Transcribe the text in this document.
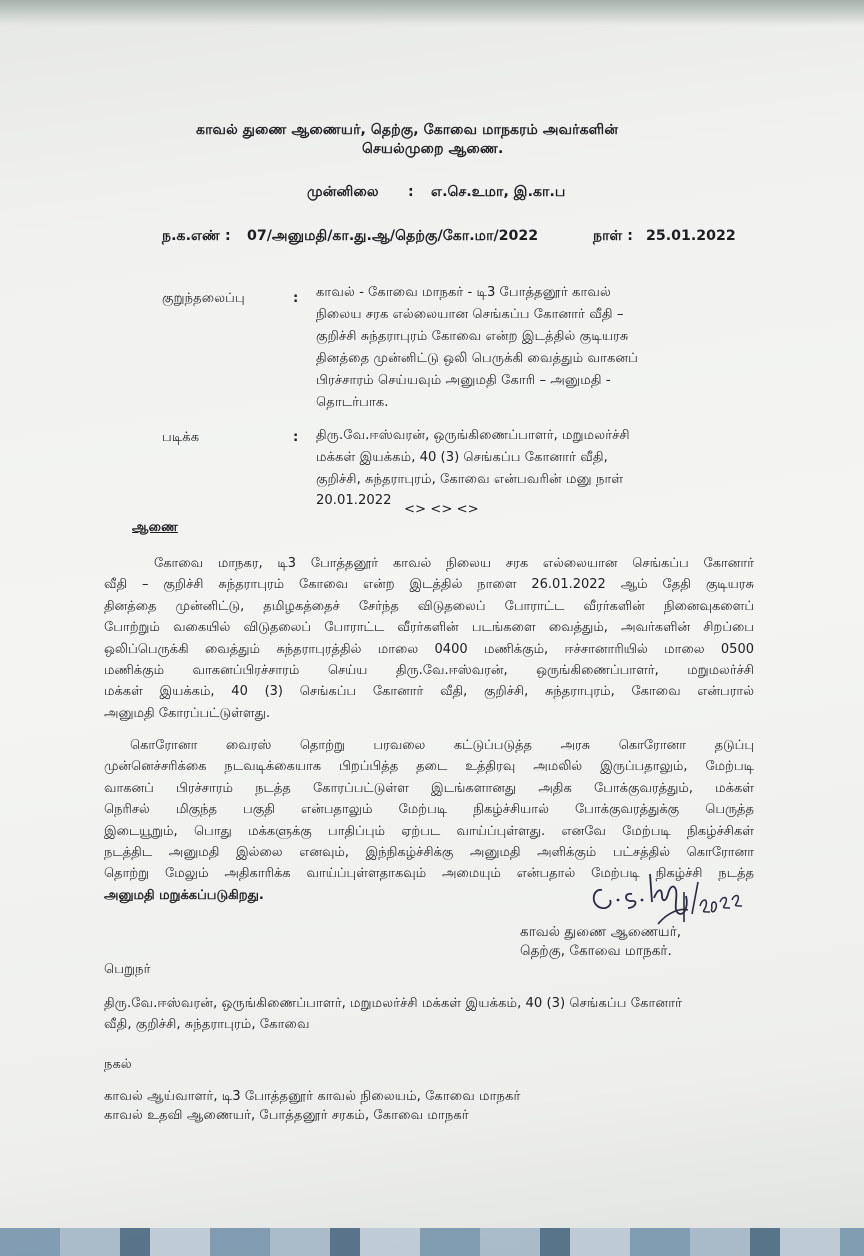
காவல் துணை ஆணையர், தெற்கு, கோவை மாநகரம் அவர்களின்
செயல்முறை ஆணை.
முன்னிலை : எ.செ.உமா, இ.கா.ப
ந.க.எண் : 07/அனுமதி/கா.து.ஆ/தெற்கு/கோ.மா/2022	நாள் : 25.01.2022
குறுந்தலைப்பு	: காவல் - கோவை மாநகர் - டி3 போத்தனூர் காவல்
நிலைய சரக எல்லையான செங்கப்ப கோனார் வீதி –
குறிச்சி சுந்தராபுரம் கோவை என்ற இடத்தில் குடியரசு
தினத்தை முன்னிட்டு ஒலி பெருக்கி வைத்தும் வாகனப்
பிரச்சாரம் செய்யவும் அனுமதி கோரி – அனுமதி -
தொடர்பாக.
படிக்க	: திரு.வே.ஈஸ்வரன், ஒருங்கிணைப்பாளர், மறுமலர்ச்சி
மக்கள் இயக்கம், 40 (3) செங்கப்ப கோனார் வீதி,
குறிச்சி, சுந்தராபுரம், கோவை என்பவரின் மனு நாள்
20.01.2022
<> <> <>
ஆணை
கோவை மாநகர, டி3 போத்தனூர் காவல் நிலைய சரக எல்லையான செங்கப்ப கோனார்
வீதி – குறிச்சி சுந்தராபுரம் கோவை என்ற இடத்தில் நாளை 26.01.2022 ஆம் தேதி குடியரசு
தினத்தை முன்னிட்டு, தமிழகத்தைச் சேர்ந்த விடுதலைப் போராட்ட வீரர்களின் நினைவுகளைப்
போற்றும் வகையில் விடுதலைப் போராட்ட வீரர்களின் படங்களை வைத்தும், அவர்களின் சிறப்பை
ஒலிப்பெருக்கி வைத்தும் சுந்தராபுரத்தில் மாலை 0400 மணிக்கும், ஈச்சானாரியில் மாலை 0500
மணிக்கும் வாகனப்பிரச்சாரம் செய்ய திரு.வே.ஈஸ்வரன், ஒருங்கிணைப்பாளர், மறுமலர்ச்சி
மக்கள் இயக்கம், 40 (3) செங்கப்ப கோனார் வீதி, குறிச்சி, சுந்தராபுரம், கோவை என்பரால்
அனுமதி கோரப்பட்டுள்ளது.
கொரோனா வைரஸ் தொற்று பரவலை கட்டுப்படுத்த அரசு கொரோனா தடுப்பு
முன்னெச்சரிக்கை நடவடிக்கையாக பிறப்பித்த தடை உத்திரவு அமலில் இருப்பதாலும், மேற்படி
வாகனப் பிரச்சாரம் நடத்த கோரப்பட்டுள்ள இடங்களானது அதிக போக்குவரத்தும், மக்கள்
நெரிசல் மிகுந்த பகுதி என்பதாலும் மேற்படி நிகழ்ச்சியால் போக்குவரத்துக்கு பெருத்த
இடையூறும், பொது மக்களுக்கு பாதிப்பும் ஏற்பட வாய்ப்புள்ளது. எனவே மேற்படி நிகழ்ச்சிகள்
நடத்திட அனுமதி இல்லை எனவும், இந்நிகழ்ச்சிக்கு அனுமதி அளிக்கும் பட்சத்தில் கொரோனா
தொற்று மேலும் அதிகாரிக்க வாய்ப்புள்ளதாகவும் அமையும் என்பதால் மேற்படி நிகழ்ச்சி நடத்த
அனுமதி மறுக்கப்படுகிறது.
காவல் துணை ஆணையர்,
தெற்கு, கோவை மாநகர்.
பெறுநர்
திரு.வே.ஈஸ்வரன், ஒருங்கிணைப்பாளர், மறுமலர்ச்சி மக்கள் இயக்கம், 40 (3) செங்கப்ப கோனார்
வீதி, குறிச்சி, சுந்தராபுரம், கோவை
நகல்
காவல் ஆய்வாளர், டி3 போத்தனூர் காவல் நிலையம், கோவை மாநகர்
காவல் உதவி ஆணையர், போத்தனூர் சரகம், கோவை மாநகர்
